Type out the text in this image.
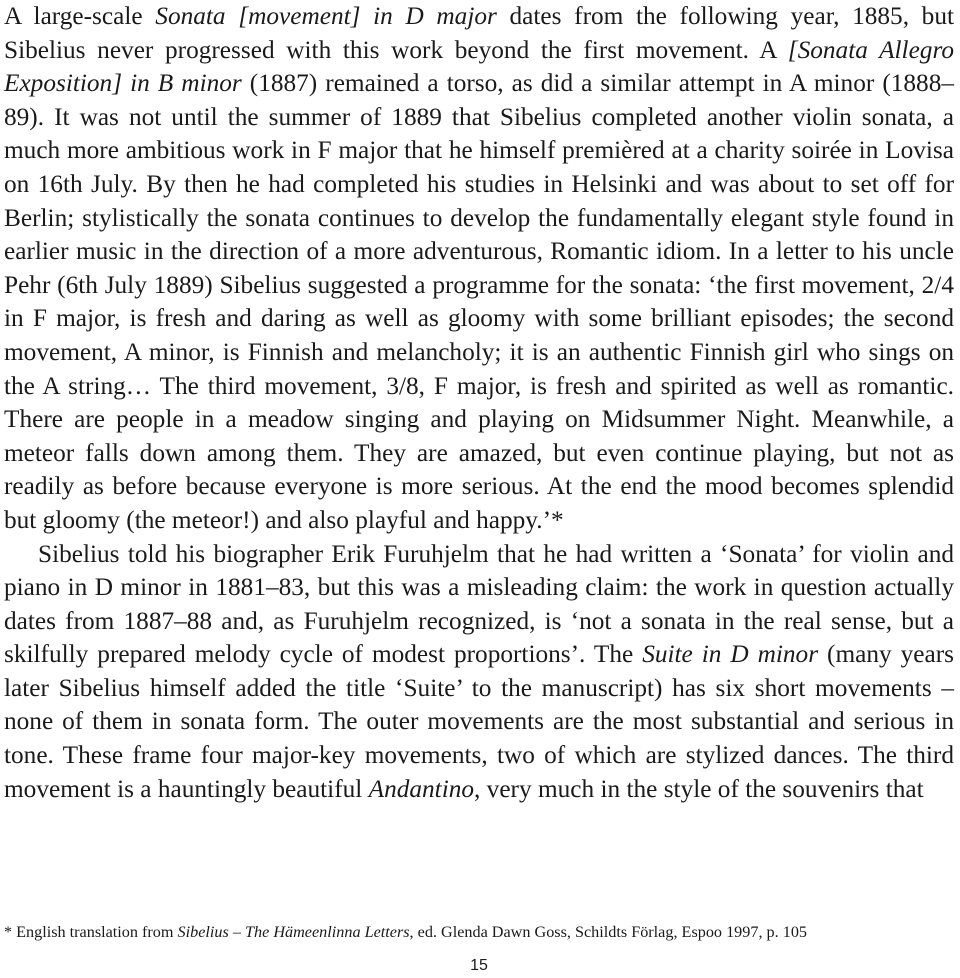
A large-scale Sonata [movement] in D major dates from the following year, 1885, but Sibelius never progressed with this work beyond the first movement. A [Sonata Allegro Exposition] in B minor (1887) remained a torso, as did a similar attempt in A minor (1888–89). It was not until the summer of 1889 that Sibelius completed another violin sonata, a much more ambitious work in F major that he himself premièred at a charity soirée in Lovisa on 16th July. By then he had completed his studies in Helsinki and was about to set off for Berlin; stylistically the sonata continues to develop the fundamentally elegant style found in earlier music in the direction of a more adventurous, Romantic idiom. In a letter to his uncle Pehr (6th July 1889) Sibelius suggested a programme for the sonata: ‘the first movement, 2/4 in F major, is fresh and daring as well as gloomy with some brilliant episodes; the second movement, A minor, is Finnish and melancholy; it is an authentic Finnish girl who sings on the A string… The third movement, 3/8, F major, is fresh and spirited as well as romantic. There are people in a meadow singing and playing on Midsummer Night. Meanwhile, a meteor falls down among them. They are amazed, but even continue playing, but not as readily as before because everyone is more serious. At the end the mood becomes splendid but gloomy (the meteor!) and also playful and happy.’*

Sibelius told his biographer Erik Furuhjelm that he had written a ‘Sonata’ for violin and piano in D minor in 1881–83, but this was a misleading claim: the work in question actually dates from 1887–88 and, as Furuhjelm recognized, is ‘not a sonata in the real sense, but a skilfully prepared melody cycle of modest proportions’. The Suite in D minor (many years later Sibelius himself added the title ‘Suite’ to the manuscript) has six short movements – none of them in sonata form. The outer movements are the most substantial and serious in tone. These frame four major-key movements, two of which are stylized dances. The third movement is a hauntingly beautiful Andantino, very much in the style of the souvenirs that

* English translation from Sibelius – The Hämeenlinna Letters, ed. Glenda Dawn Goss, Schildts Förlag, Espoo 1997, p. 105

15
